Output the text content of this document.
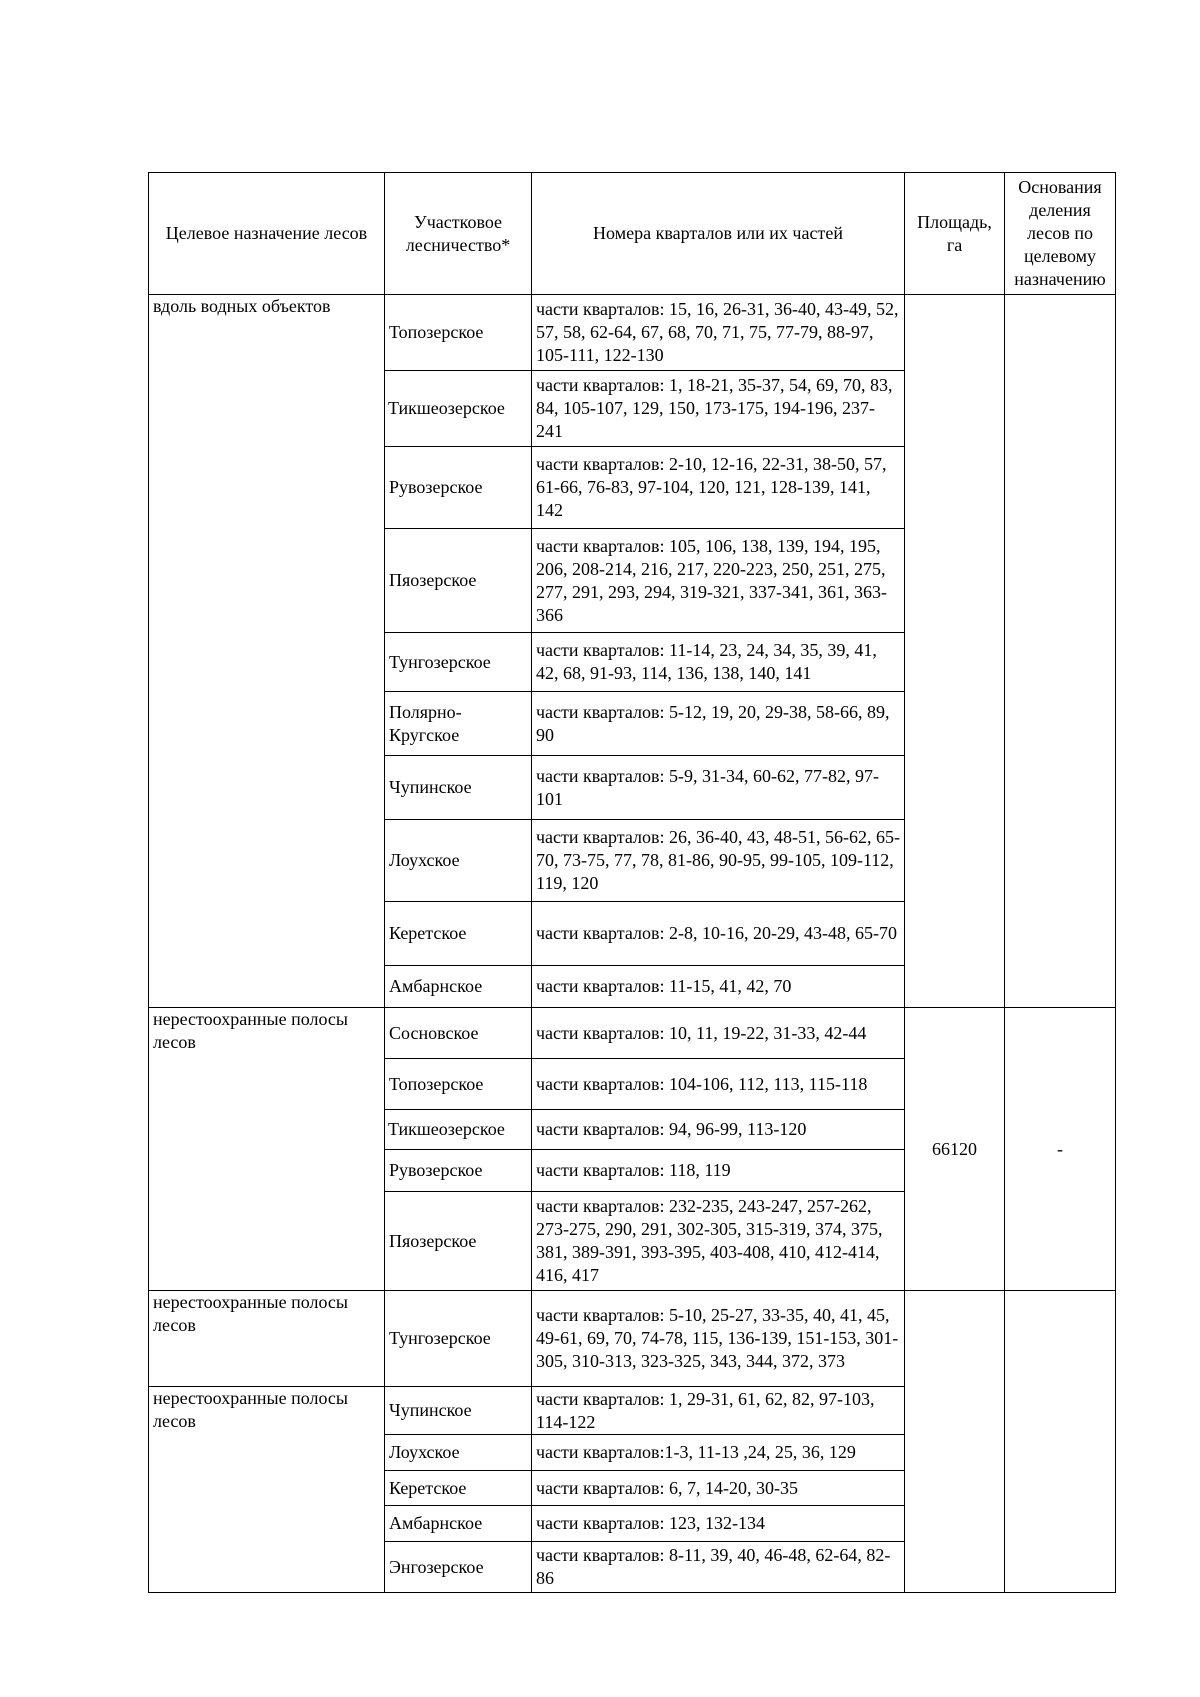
Целевое назначение лесов	Участковое лесничество*	Номера кварталов или их частей	Площадь, га	Основания деления лесов по целевому назначению
вдоль водных объектов	Топозерское	части кварталов: 15, 16, 26-31, 36-40, 43-49, 52, 57, 58, 62-64, 67, 68, 70, 71, 75, 77-79, 88-97, 105-111, 122-130		
	Тикшеозерское	части кварталов: 1, 18-21, 35-37, 54, 69, 70, 83, 84, 105-107, 129, 150, 173-175, 194-196, 237-241		
	Рувозерское	части кварталов: 2-10, 12-16, 22-31, 38-50, 57, 61-66, 76-83, 97-104, 120, 121, 128-139, 141, 142		
	Пяозерское	части кварталов: 105, 106, 138, 139, 194, 195, 206, 208-214, 216, 217, 220-223, 250, 251, 275, 277, 291, 293, 294, 319-321, 337-341, 361, 363-366		
	Тунгозерское	части кварталов: 11-14, 23, 24, 34, 35, 39, 41, 42, 68, 91-93, 114, 136, 138, 140, 141		
	Полярно-Кругское	части кварталов: 5-12, 19, 20, 29-38, 58-66, 89, 90		
	Чупинское	части кварталов: 5-9, 31-34, 60-62, 77-82, 97-101		
	Лоухское	части кварталов: 26, 36-40, 43, 48-51, 56-62, 65-70, 73-75, 77, 78, 81-86, 90-95, 99-105, 109-112, 119, 120		
	Керетское	части кварталов: 2-8, 10-16, 20-29, 43-48, 65-70		
	Амбарнское	части кварталов: 11-15, 41, 42, 70		
нерестоохранные полосы лесов	Сосновское	части кварталов: 10, 11, 19-22, 31-33, 42-44	66120	-
	Топозерское	части кварталов: 104-106, 112, 113, 115-118		
	Тикшеозерское	части кварталов: 94, 96-99, 113-120		
	Рувозерское	части кварталов: 118, 119		
	Пяозерское	части кварталов: 232-235, 243-247, 257-262, 273-275, 290, 291, 302-305, 315-319, 374, 375, 381, 389-391, 393-395, 403-408, 410, 412-414, 416, 417		
нерестоохранные полосы лесов	Тунгозерское	части кварталов: 5-10, 25-27, 33-35, 40, 41, 45, 49-61, 69, 70, 74-78, 115, 136-139, 151-153, 301-305, 310-313, 323-325, 343, 344, 372, 373		
нерестоохранные полосы лесов	Чупинское	части кварталов: 1, 29-31, 61, 62, 82, 97-103, 114-122		
	Лоухское	части кварталов:1-3, 11-13 ,24, 25, 36, 129		
	Керетское	части кварталов: 6, 7, 14-20, 30-35		
	Амбарнское	части кварталов: 123, 132-134		
	Энгозерское	части кварталов: 8-11, 39, 40, 46-48, 62-64, 82-86		
